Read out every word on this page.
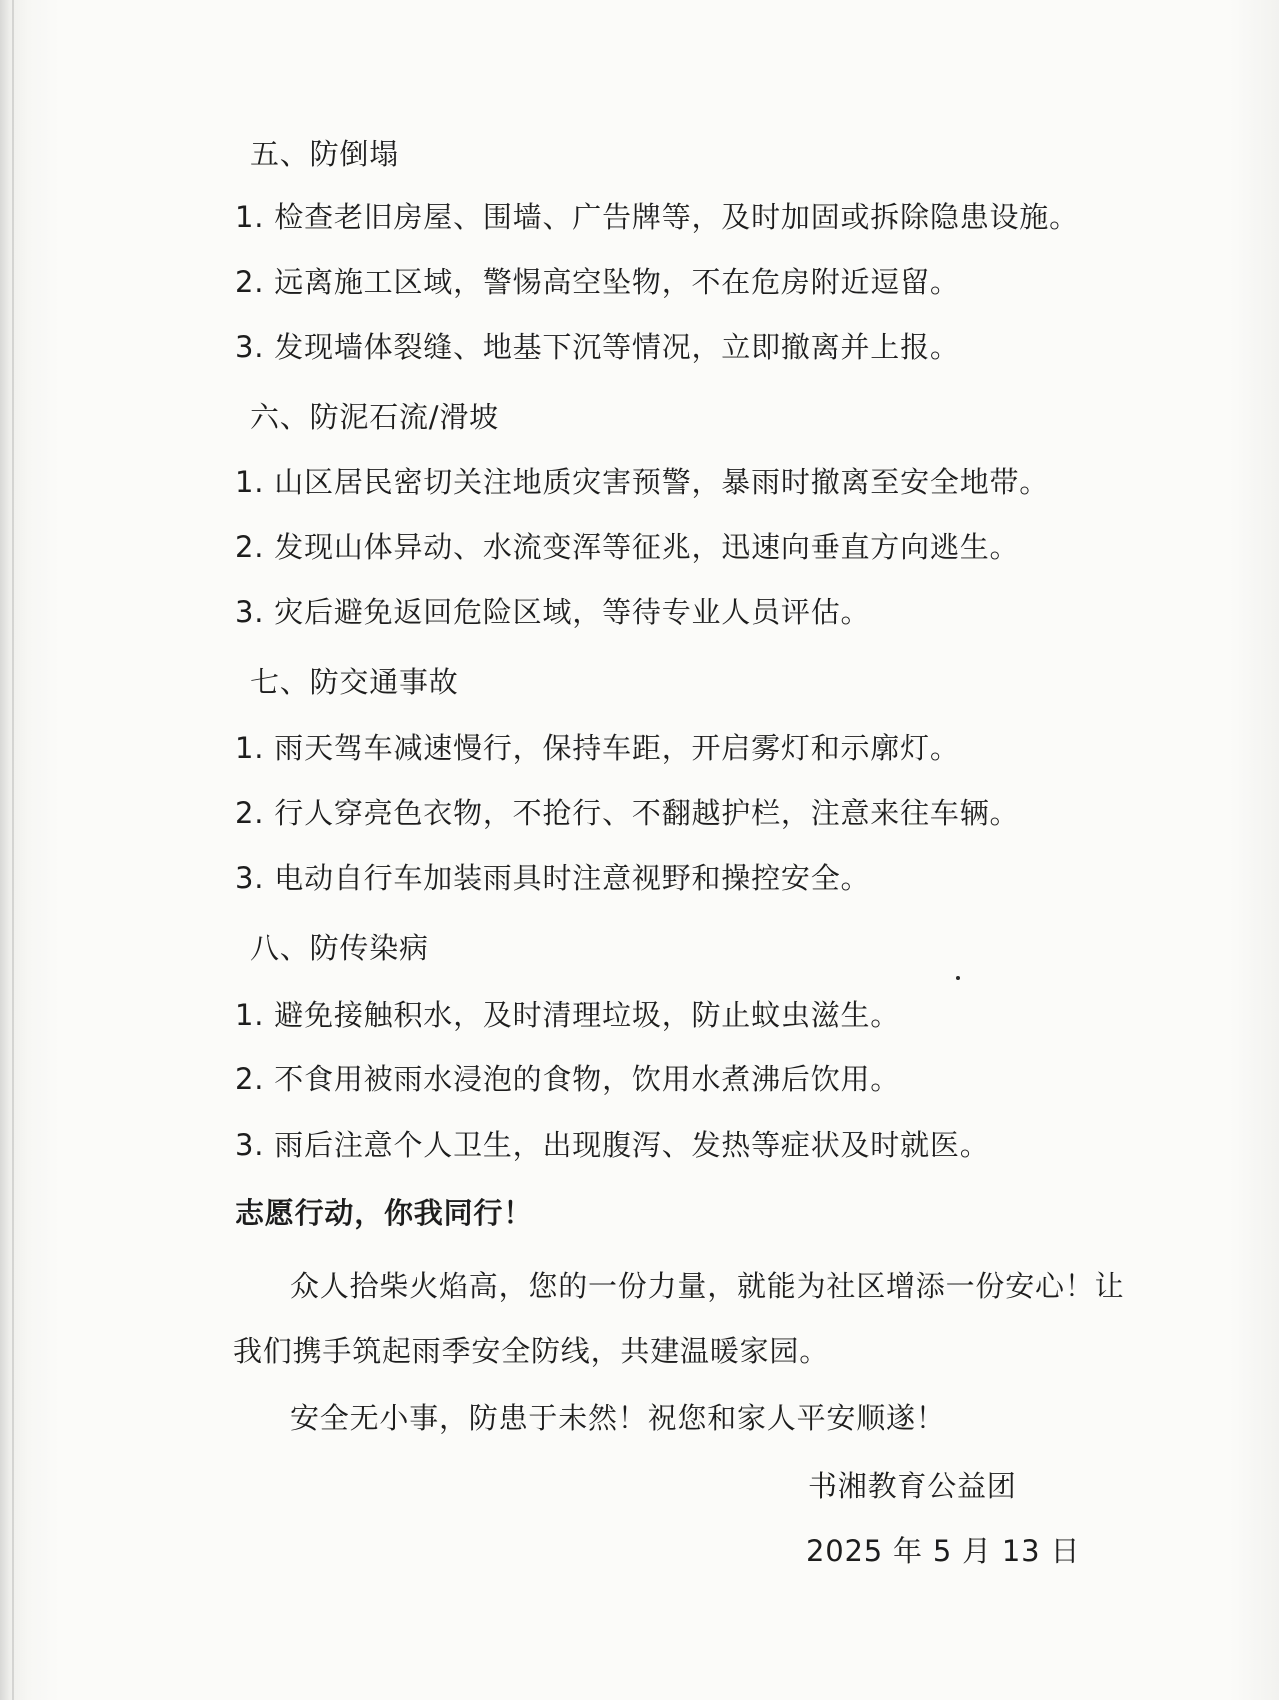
五、防倒塌
1. 检查老旧房屋、围墙、广告牌等，及时加固或拆除隐患设施。
2. 远离施工区域，警惕高空坠物，不在危房附近逗留。
3. 发现墙体裂缝、地基下沉等情况，立即撤离并上报。
六、防泥石流/滑坡
1. 山区居民密切关注地质灾害预警，暴雨时撤离至安全地带。
2. 发现山体异动、水流变浑等征兆，迅速向垂直方向逃生。
3. 灾后避免返回危险区域，等待专业人员评估。
七、防交通事故
1. 雨天驾车减速慢行，保持车距，开启雾灯和示廓灯。
2. 行人穿亮色衣物，不抢行、不翻越护栏，注意来往车辆。
3. 电动自行车加装雨具时注意视野和操控安全。
八、防传染病
1. 避免接触积水，及时清理垃圾，防止蚊虫滋生。
2. 不食用被雨水浸泡的食物，饮用水煮沸后饮用。
3. 雨后注意个人卫生，出现腹泻、发热等症状及时就医。
志愿行动，你我同行！
众人拾柴火焰高，您的一份力量，就能为社区增添一份安心！让
我们携手筑起雨季安全防线，共建温暖家园。
安全无小事，防患于未然！祝您和家人平安顺遂！
书湘教育公益团
2025 年 5 月 13 日
